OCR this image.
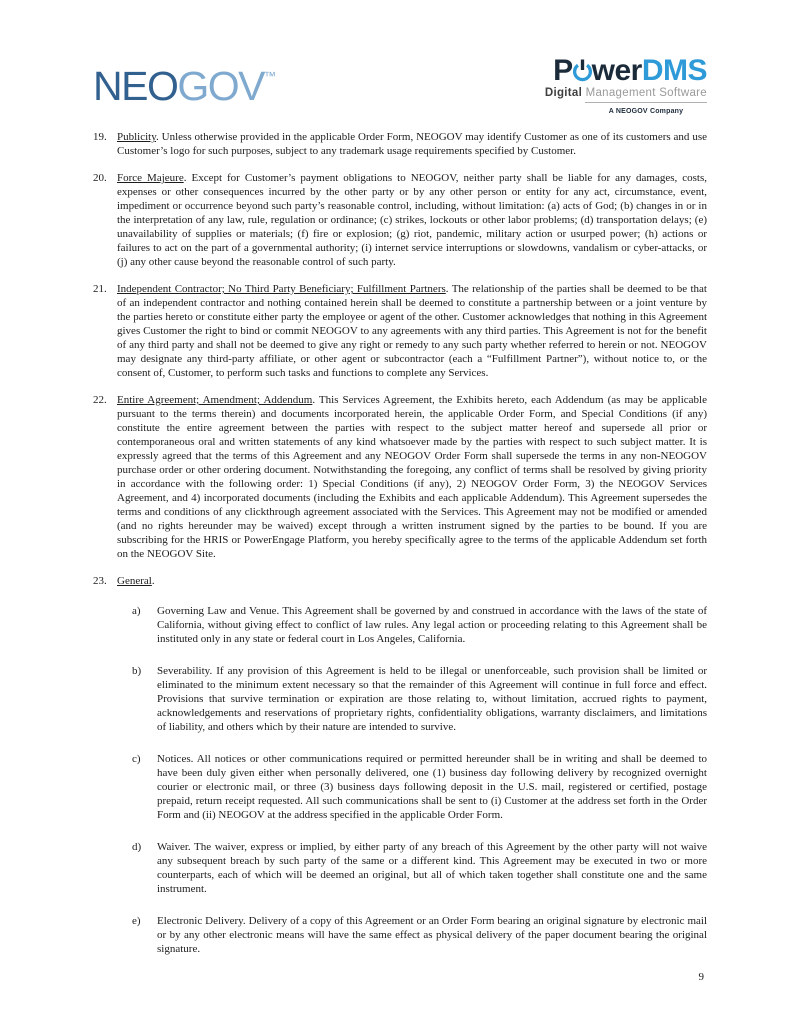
NEOGOV™	P werDMS
Digital Management Software
A NEOGOV Company
19. Publicity. Unless otherwise provided in the applicable Order Form, NEOGOV may identify Customer as one of its customers and use Customer’s logo for such purposes, subject to any trademark usage requirements specified by Customer.
20. Force Majeure. Except for Customer’s payment obligations to NEOGOV, neither party shall be liable for any damages, costs, expenses or other consequences incurred by the other party or by any other person or entity for any act, circumstance, event, impediment or occurrence beyond such party’s reasonable control, including, without limitation: (a) acts of God; (b) changes in or in the interpretation of any law, rule, regulation or ordinance; (c) strikes, lockouts or other labor problems; (d) transportation delays; (e) unavailability of supplies or materials; (f) fire or explosion; (g) riot, pandemic, military action or usurped power; (h) actions or failures to act on the part of a governmental authority; (i) internet service interruptions or slowdowns, vandalism or cyber-attacks, or (j) any other cause beyond the reasonable control of such party.
21. Independent Contractor; No Third Party Beneficiary; Fulfillment Partners. The relationship of the parties shall be deemed to be that of an independent contractor and nothing contained herein shall be deemed to constitute a partnership between or a joint venture by the parties hereto or constitute either party the employee or agent of the other. Customer acknowledges that nothing in this Agreement gives Customer the right to bind or commit NEOGOV to any agreements with any third parties. This Agreement is not for the benefit of any third party and shall not be deemed to give any right or remedy to any such party whether referred to herein or not. NEOGOV may designate any third-party affiliate, or other agent or subcontractor (each a “Fulfillment Partner”), without notice to, or the consent of, Customer, to perform such tasks and functions to complete any Services.
22. Entire Agreement; Amendment; Addendum. This Services Agreement, the Exhibits hereto, each Addendum (as may be applicable pursuant to the terms therein) and documents incorporated herein, the applicable Order Form, and Special Conditions (if any) constitute the entire agreement between the parties with respect to the subject matter hereof and supersede all prior or contemporaneous oral and written statements of any kind whatsoever made by the parties with respect to such subject matter. It is expressly agreed that the terms of this Agreement and any NEOGOV Order Form shall supersede the terms in any non-NEOGOV purchase order or other ordering document. Notwithstanding the foregoing, any conflict of terms shall be resolved by giving priority in accordance with the following order: 1) Special Conditions (if any), 2) NEOGOV Order Form, 3) the NEOGOV Services Agreement, and 4) incorporated documents (including the Exhibits and each applicable Addendum). This Agreement supersedes the terms and conditions of any clickthrough agreement associated with the Services. This Agreement may not be modified or amended (and no rights hereunder may be waived) except through a written instrument signed by the parties to be bound. If you are subscribing for the HRIS or PowerEngage Platform, you hereby specifically agree to the terms of the applicable Addendum set forth on the NEOGOV Site.
23. General.
a) Governing Law and Venue. This Agreement shall be governed by and construed in accordance with the laws of the state of California, without giving effect to conflict of law rules. Any legal action or proceeding relating to this Agreement shall be instituted only in any state or federal court in Los Angeles, California.
b) Severability. If any provision of this Agreement is held to be illegal or unenforceable, such provision shall be limited or eliminated to the minimum extent necessary so that the remainder of this Agreement will continue in full force and effect. Provisions that survive termination or expiration are those relating to, without limitation, accrued rights to payment, acknowledgements and reservations of proprietary rights, confidentiality obligations, warranty disclaimers, and limitations of liability, and others which by their nature are intended to survive.
c) Notices. All notices or other communications required or permitted hereunder shall be in writing and shall be deemed to have been duly given either when personally delivered, one (1) business day following delivery by recognized overnight courier or electronic mail, or three (3) business days following deposit in the U.S. mail, registered or certified, postage prepaid, return receipt requested. All such communications shall be sent to (i) Customer at the address set forth in the Order Form and (ii) NEOGOV at the address specified in the applicable Order Form.
d) Waiver. The waiver, express or implied, by either party of any breach of this Agreement by the other party will not waive any subsequent breach by such party of the same or a different kind. This Agreement may be executed in two or more counterparts, each of which will be deemed an original, but all of which taken together shall constitute one and the same instrument.
e) Electronic Delivery. Delivery of a copy of this Agreement or an Order Form bearing an original signature by electronic mail or by any other electronic means will have the same effect as physical delivery of the paper document bearing the original signature.
9
